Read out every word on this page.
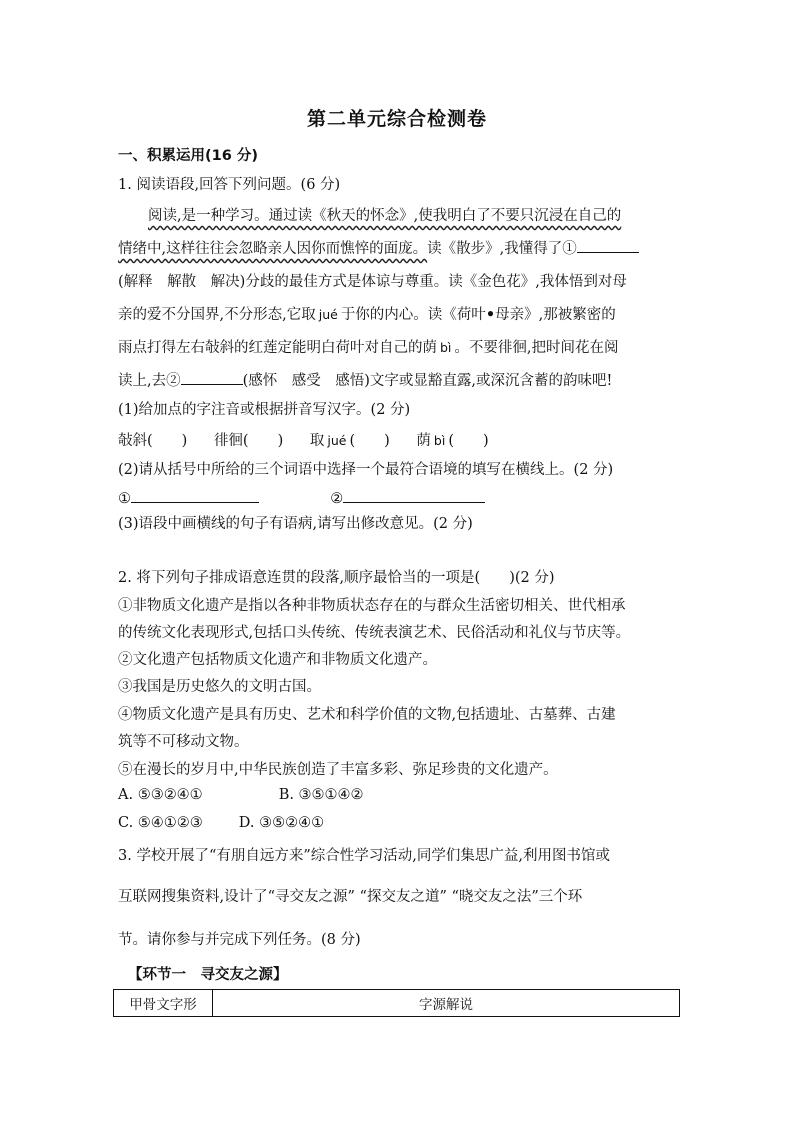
第二单元综合检测卷
一、积累运用(16 分)
1. 阅读语段,回答下列问题。(6 分)
阅读,是一种学习。通过读《秋天的怀念》,使我明白了不要只沉浸在自己的
情绪中,这样往往会忽略亲人因你而憔悴的面庞。读《散步》,我懂得了①
(解释　解散　解决)分歧的最佳方式是体谅与尊重。读《金色花》,我体悟到对母
亲的爱不分国界,不分形态,它取 jué 于你的内心。读《荷叶•母亲》,那被繁密的
雨点打得左右敧斜的红莲定能明白荷叶对自己的荫 bì 。不要徘徊,把时间花在阅
读上,去②	(感怀　感受　感悟)文字或显豁直露,或深沉含蓄的韵味吧!
(1)给加点的字注音或根据拼音写汉字。(2 分)
敧斜(　　) 徘徊(　　) 取 jué (　　) 荫 bì (　　)
(2)请从括号中所给的三个词语中选择一个最符合语境的填写在横线上。(2 分)
①	②
(3)语段中画横线的句子有语病,请写出修改意见。(2 分)
2. 将下列句子排成语意连贯的段落,顺序最恰当的一项是(　　)(2 分)
①非物质文化遗产是指以各种非物质状态存在的与群众生活密切相关、世代相承
的传统文化表现形式,包括口头传统、传统表演艺术、民俗活动和礼仪与节庆等。
②文化遗产包括物质文化遗产和非物质文化遗产。
③我国是历史悠久的文明古国。
④物质文化遗产是具有历史、艺术和科学价值的文物,包括遗址、古墓葬、古建
筑等不可移动文物。
⑤在漫长的岁月中,中华民族创造了丰富多彩、弥足珍贵的文化遗产。
A. ⑤③②④①	B. ③⑤①④②
C. ⑤④①②③ D. ③⑤②④①
3. 学校开展了“有朋自远方来”综合性学习活动,同学们集思广益,利用图书馆或
互联网搜集资料,设计了“寻交友之源” “探交友之道” “晓交友之法”三个环
节。请你参与并完成下列任务。(8 分)
【环节一　寻交友之源】
甲骨文字形	字源解说
